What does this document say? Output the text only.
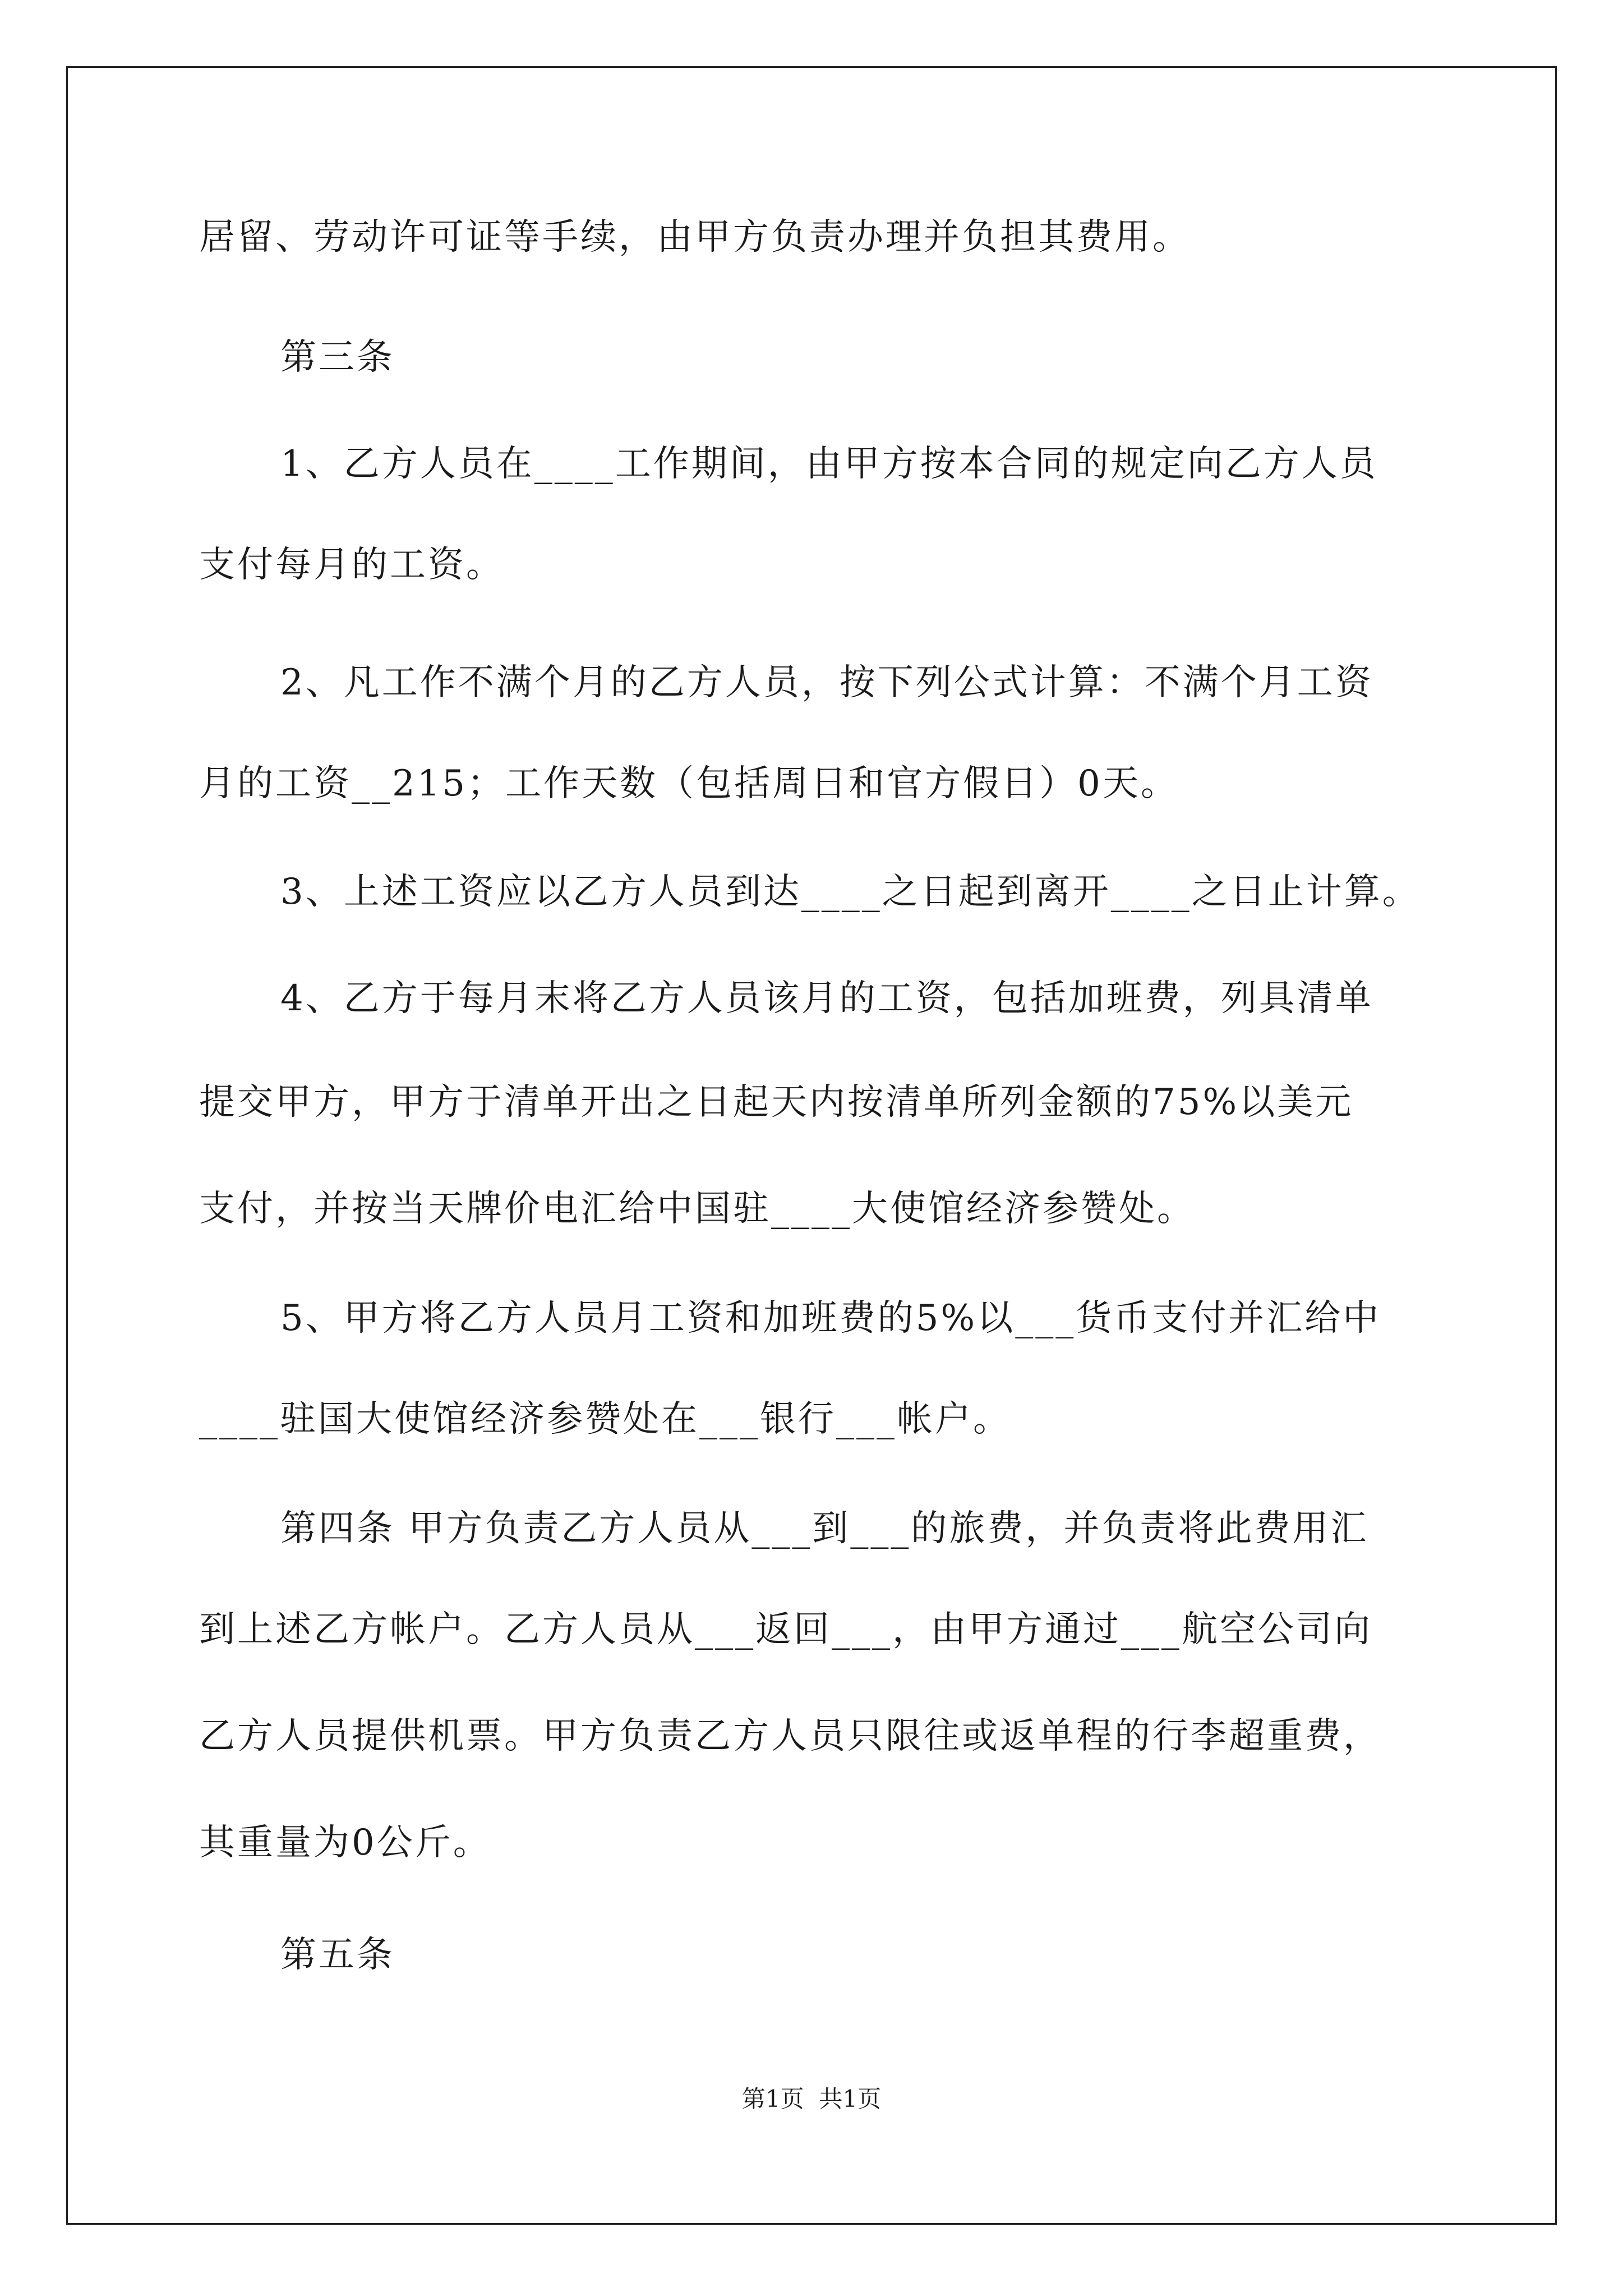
居留、劳动许可证等手续，由甲方负责办理并负担其费用。
第三条
1、乙方人员在____工作期间，由甲方按本合同的规定向乙方人员
支付每月的工资。
2、凡工作不满个月的乙方人员，按下列公式计算：不满个月工资
月的工资__215；工作天数（包括周日和官方假日）0天。
3、上述工资应以乙方人员到达____之日起到离开____之日止计算。
4、乙方于每月末将乙方人员该月的工资，包括加班费，列具清单
提交甲方，甲方于清单开出之日起天内按清单所列金额的75%以美元
支付，并按当天牌价电汇给中国驻____大使馆经济参赞处。
5、甲方将乙方人员月工资和加班费的5%以___货币支付并汇给中
____驻国大使馆经济参赞处在___银行___帐户。
第四条 甲方负责乙方人员从___到___的旅费，并负责将此费用汇
到上述乙方帐户。乙方人员从___返回___，由甲方通过___航空公司向
乙方人员提供机票。甲方负责乙方人员只限往或返单程的行李超重费，
其重量为0公斤。
第五条
第1页  共1页
